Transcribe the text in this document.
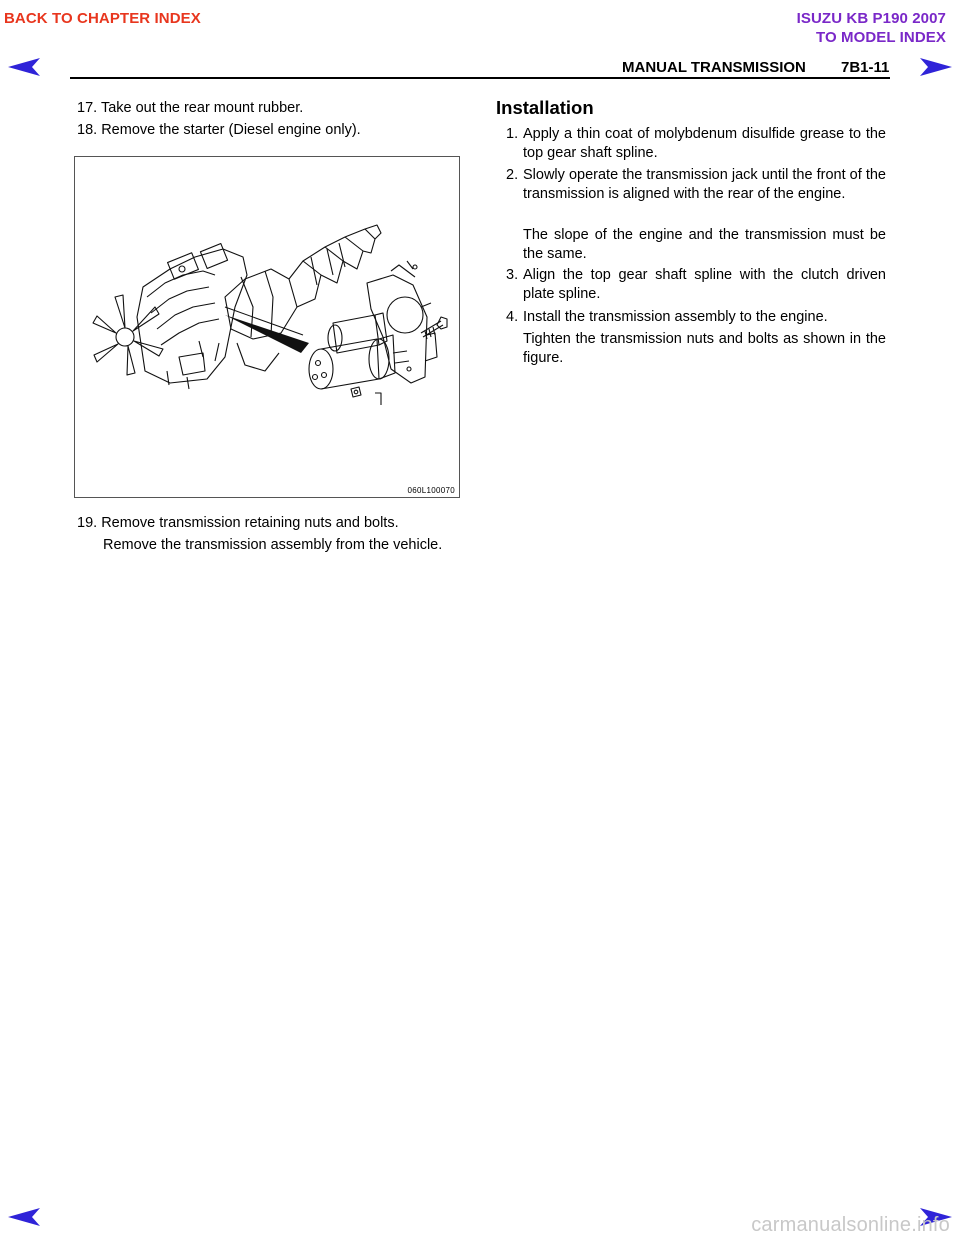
BACK TO CHAPTER INDEX	ISUZU KB P190 2007
TO MODEL INDEX
MANUAL TRANSMISSION 7B1-11
17. Take out the rear mount rubber.
18. Remove the starter (Diesel engine only).
060L100070
19. Remove transmission retaining nuts and bolts.
Remove the transmission assembly from the vehicle.
Installation
1. Apply a thin coat of molybdenum disulfide grease to the top gear shaft spline.
2. Slowly operate the transmission jack until the front of the transmission is aligned with the rear of the engine.
The slope of the engine and the transmission must be the same.
3. Align the top gear shaft spline with the clutch driven plate spline.
4. Install the transmission assembly to the engine.
Tighten the transmission nuts and bolts as shown in the figure.
carmanualsonline.info
